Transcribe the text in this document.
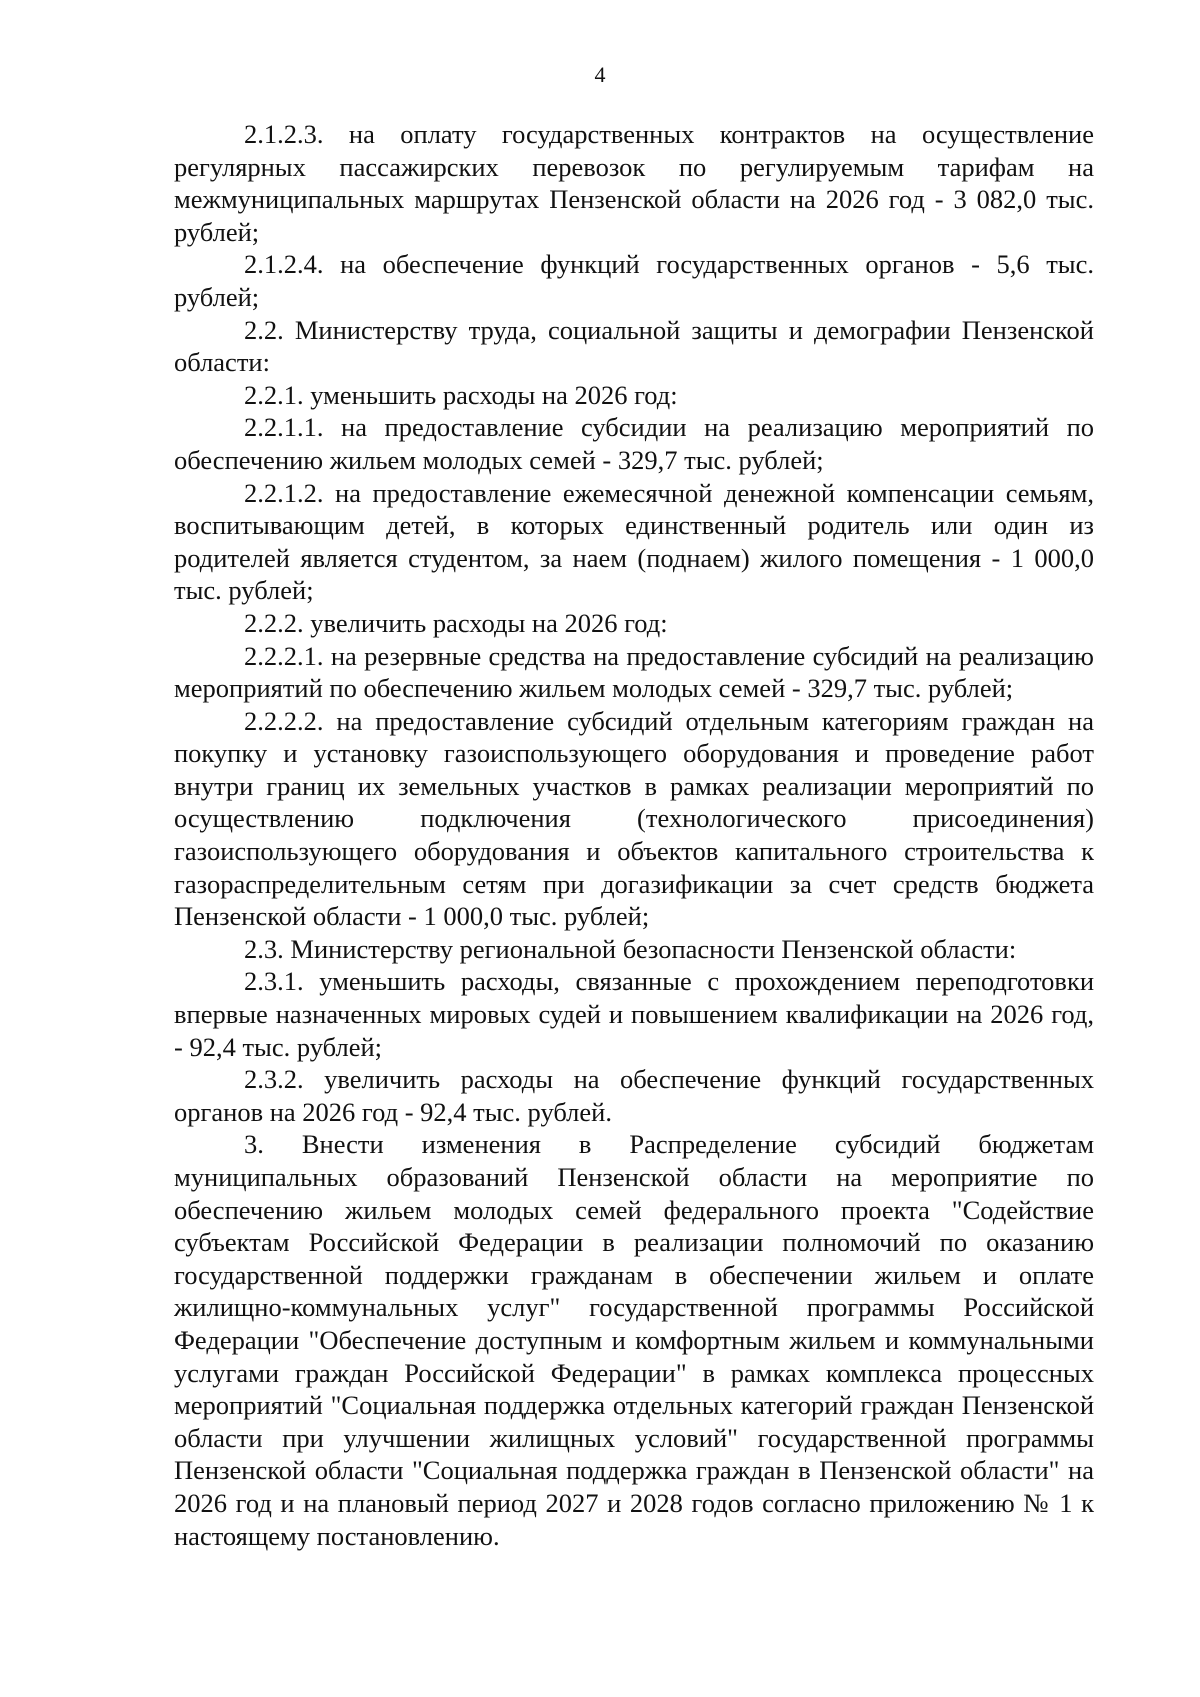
4

2.1.2.3. на оплату государственных контрактов на осуществление регулярных пассажирских перевозок по регулируемым тарифам на межмуниципальных маршрутах Пензенской области на 2026 год - 3 082,0 тыс. рублей;

2.1.2.4. на обеспечение функций государственных органов - 5,6 тыс. рублей;

2.2. Министерству труда, социальной защиты и демографии Пензенской области:

2.2.1. уменьшить расходы на 2026 год:

2.2.1.1. на предоставление субсидии на реализацию мероприятий по обеспечению жильем молодых семей - 329,7 тыс. рублей;

2.2.1.2. на предоставление ежемесячной денежной компенсации семьям, воспитывающим детей, в которых единственный родитель или один из родителей является студентом, за наем (поднаем) жилого помещения - 1 000,0 тыс. рублей;

2.2.2. увеличить расходы на 2026 год:

2.2.2.1. на резервные средства на предоставление субсидий на реализацию мероприятий по обеспечению жильем молодых семей - 329,7 тыс. рублей;

2.2.2.2. на предоставление субсидий отдельным категориям граждан на покупку и установку газоиспользующего оборудования и проведение работ внутри границ их земельных участков в рамках реализации мероприятий по осуществлению подключения (технологического присоединения) газоиспользующего оборудования и объектов капитального строительства к газораспределительным сетям при догазификации за счет средств бюджета Пензенской области - 1 000,0 тыс. рублей;

2.3. Министерству региональной безопасности Пензенской области:

2.3.1. уменьшить расходы, связанные с прохождением переподготовки впервые назначенных мировых судей и повышением квалификации на 2026 год, - 92,4 тыс. рублей;

2.3.2. увеличить расходы на обеспечение функций государственных органов на 2026 год - 92,4 тыс. рублей.

3. Внести изменения в Распределение субсидий бюджетам муниципальных образований Пензенской области на мероприятие по обеспечению жильем молодых семей федерального проекта "Содействие субъектам Российской Федерации в реализации полномочий по оказанию государственной поддержки гражданам в обеспечении жильем и оплате жилищно-коммунальных услуг" государственной программы Российской Федерации "Обеспечение доступным и комфортным жильем и коммунальными услугами граждан Российской Федерации" в рамках комплекса процессных мероприятий "Социальная поддержка отдельных категорий граждан Пензенской области при улучшении жилищных условий" государственной программы Пензенской области "Социальная поддержка граждан в Пензенской области" на 2026 год и на плановый период 2027 и 2028 годов согласно приложению № 1 к настоящему постановлению.
